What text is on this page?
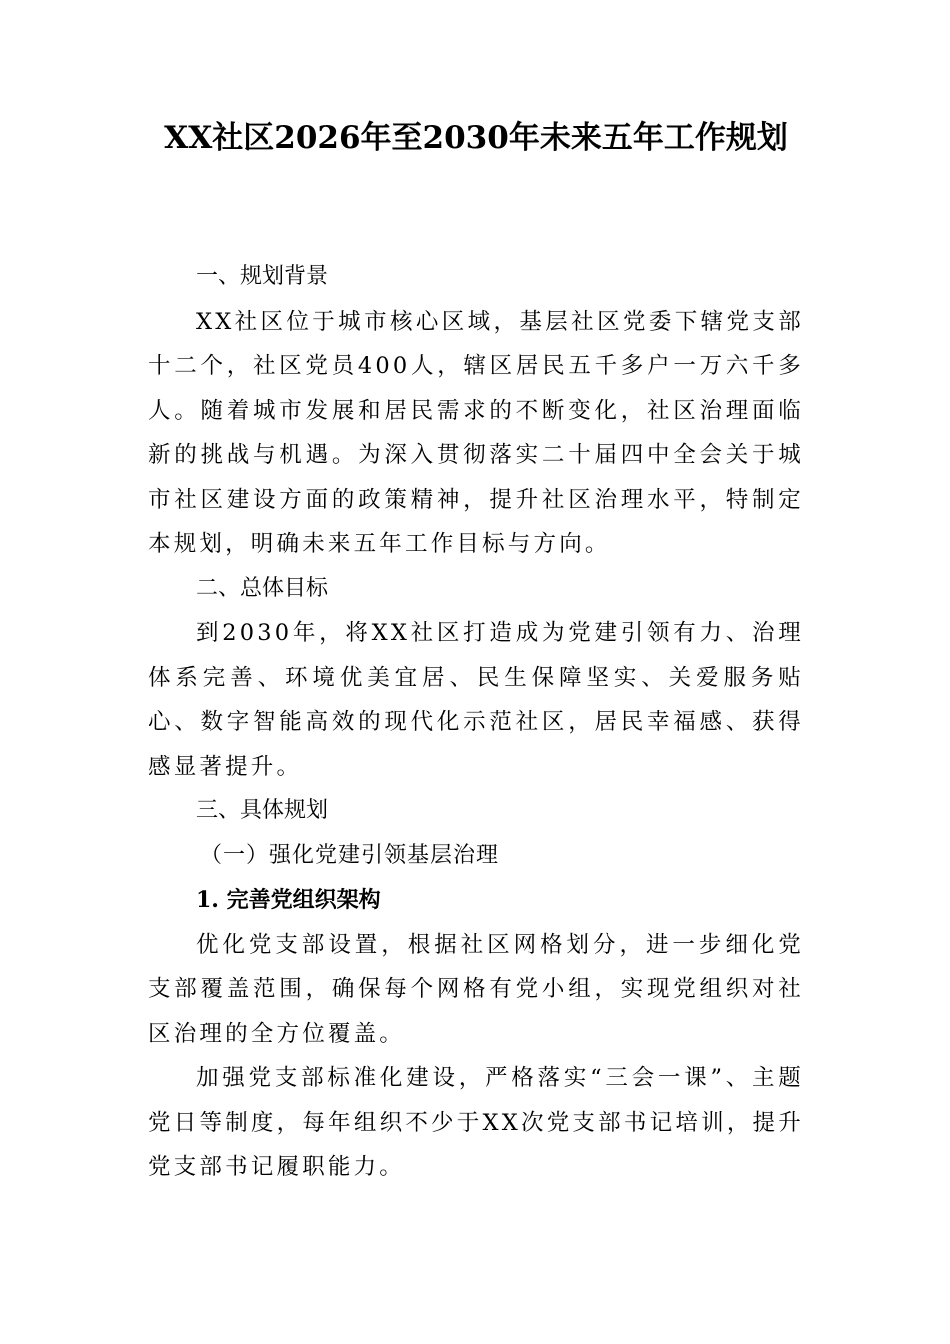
XX社区2026年至2030年未来五年工作规划

一、规划背景

XX社区位于城市核心区域，基层社区党委下辖党支部十二个，社区党员400人，辖区居民五千多户一万六千多人。随着城市发展和居民需求的不断变化，社区治理面临新的挑战与机遇。为深入贯彻落实二十届四中全会关于城市社区建设方面的政策精神，提升社区治理水平，特制定本规划，明确未来五年工作目标与方向。

二、总体目标

到2030年，将XX社区打造成为党建引领有力、治理体系完善、环境优美宜居、民生保障坚实、关爱服务贴心、数字智能高效的现代化示范社区，居民幸福感、获得感显著提升。

三、具体规划

（一）强化党建引领基层治理

1. 完善党组织架构

优化党支部设置，根据社区网格划分，进一步细化党支部覆盖范围，确保每个网格有党小组，实现党组织对社区治理的全方位覆盖。

加强党支部标准化建设，严格落实“三会一课”、主题党日等制度，每年组织不少于XX次党支部书记培训，提升党支部书记履职能力。
